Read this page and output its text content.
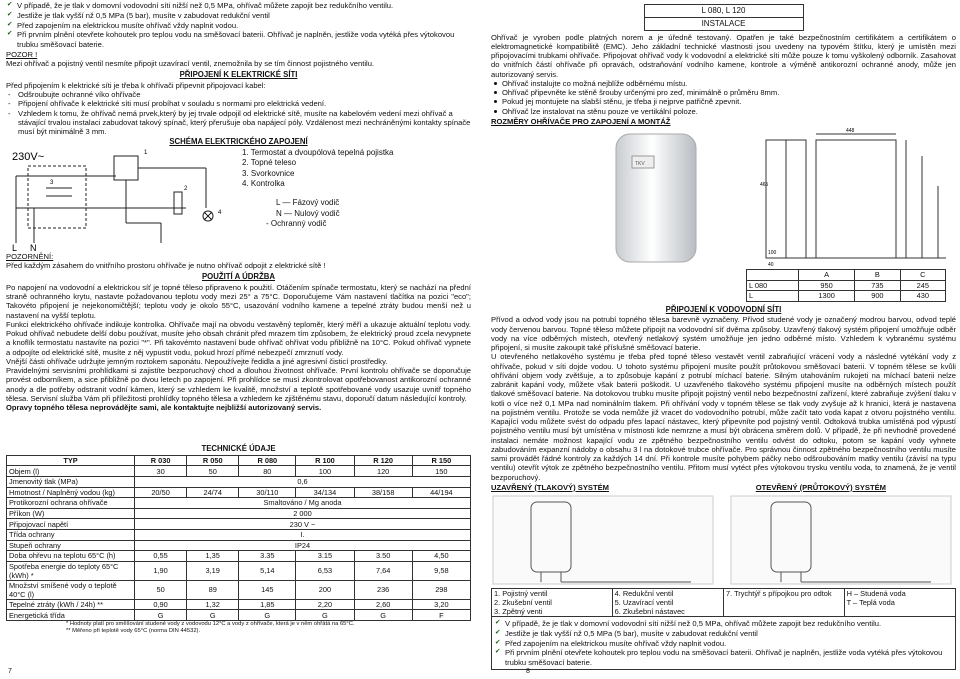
✔ V případě, že je tlak v domovní vodovodní síti nižší než 0,5 MPa, ohřívač můžete zapojit bez redukčního ventilu.
✔ Jestliže je tlak vyšší nž 0,5 MPa (5 bar), musíte v zabudovat redukční ventil
✔ Před zapojením na elektrickou musíte ohřívač vždy naplnit vodou.
✔ Při prvním plnění otevřete kohoutek pro teplou vodu na směšovací baterii. Ohřívač je naplněn, jestliže voda vytéká přes výtokovou trubku směšovací baterie.
POZOR !

Mezi ohřívač a pojistný ventil nesmíte připojit uzavírací ventil, znemožnila by se tím činnost pojistného ventilu.

PŘIPOJENÍ K ELEKTRICKÉ SÍTI

Před připojením k elektrické síti je třeba k ohřívači připevnit připojovací kabel:

- Odšroubujte ochranné víko ohřívače
- Připojení ohřívače k elektrické síti musí probíhat v souladu s normami pro elektrická vedení.
- Vzhledem k tomu, že ohřívač nemá prvek,který by jej trvale odpojil od elektrické sítě, musíte na kabelovém vedení mezi ohřívač a stávající trvalou instalaci zabudovat takový spínač, který přerušuje oba napájecí póly. Vzdálenost mezi nechráněnými kontakty spínače musí být minimálně 3 mm.
SCHÉMA ELEKTRICKÉHO ZAPOJENÍ
230V~
L N
1
2
3
4
1. Termostat a dvoupólová tepelná pojistka
2. Topné teleso
3. Svorkovnice
4. Kontrolka
L — Fázový vodič
N — Nulový vodič
- Ochranný vodič
POZORNĚNÍ:

Před každým zásahem do vnitřního prostoru ohřívače je nutno ohřívač odpojit z elektrické sítě !

POUŽITÍ A ÚDRŽBA

Po napojení na vodovodní a elektrickou síť je topné těleso připraveno k použití. Otáčením spínače termostatu, který se nachází na přední straně ochranného krytu, nastavte požadovanou teplotu vody mezi 25° a 75°C. Doporučujeme Vám nastavení tlačítka na pozici "eco"; Takovéto připojení je nejekonomičtější; teplotu vody je okolo 55°C, usazování vodního kamene a tepelné ztráty budou menší než u nastavení na vyšší teplotu.

Funkci elektrického ohřívače indikuje kontrolka. Ohřívače mají na obvodu vestavěný teploměr, který měří a ukazuje aktuální teplotu vody. Pokud ohřívač nebudete delší dobu používat, musíte jeho obsah chránit před mrazem tím způsobem, že elektrický proud zcela nevypnete a knoflík termostatu nastavíte na pozici "*". Při takovémto nastavení bude ohřívač ohřívat vodu přibližně na 10°C. Pokud ohřívač vypnete a odpojíte od elektrické sítě, musíte z něj vypustit vodu, pokud hrozí přímé nebezpečí zmrznutí vody.

Vnější části ohřívače udržujte jemným roztokem saponátu. Nepoužívejte ředidla a jiné agresivní čisticí prostředky.

Pravidelnými servisními prohlídkami si zajistíte bezporuchový chod a dlouhou životnost ohřívače. První kontrolu ohřívače se doporučuje provést odborníkem, a sice přibližně po dvou letech po zapojení. Při prohlídce se musí zkontrolovat opotřebovanost antikorozní ochranné anody a dle potřeby odstranit vodní kámen, který se vzhledem ke kvalitě, množství a teplotě spotřebované vody usazuje uvnitř topného tělesa. Servisní služba Vám při příležitosti prohlídky topného tělesa a vzhledem ke zjištěnému stavu, doporučí datum následující kontroly.

Opravy topného tělesa neprovádějte sami, ale kontaktujte nejbližší autorizovaný servis.

TECHNICKÉ ÚDAJE
TYP	R 030	R 050	R 080	R 100	R 120	R 150
Objem (l)	30	50	80	100	120	150
Jmenovitý tlak (MPa)	0,6					
Hmotnost / Naplněný vodou (kg)	20/50	24/74	30/110	34/134	38/158	44/194
Protikorozní ochrana ohřívače	Smaltováno / Mg anoda					
Příkon (W)	2 000					
Připojovací napětí	230 V ~					
Třída ochrany	I.					
Stupeň ochrany	IP24					
Doba ohřevu na teplotu 65°C (h)	0,55	1,35	3.35	3.15	3.50	4,50
Spotřeba energie do teploty 65°C (kWh) *	1,90	3,19	5,14	6,53	7,64	9,58
Množství smíšené vody o teplotě 40°C (l)	50	89	145	200	236	298
Tepelné ztráty (kWh / 24h) **	0,90	1,32	1,85	2,20	2,60	3,20
Energetická třída	G	G	G	G	G	F
* Hodnoty platí pro směšování studené vody z vodovodu 12°C a vody z ohřívače, která je v něm ohřátá na 65°C.
** Měřeno při teplotě vody 65°C (norma DIN 44532).
7
L 080, L 120
INSTALACE

Ohřívač je vyroben podle platných norem a je úředně testovaný. Opatřen je také bezpečnostním certifikátem a certifikátem o elektromagnetické kompatibilitě (EMC). Jeho základní technické vlastnosti jsou uvedeny na typovém štítku, který je umístěn mezi připojovacími trubkami ohřívače. Připojovat ohřívač vody k vodovodní a elektrické síti může pouze k tomu vyškolený odborník. Zasahovat do vnitřních částí ohřívače při opravách, odstraňování vodního kamene, kontrole a výměně antikorozní ochranné anody, může jen autorizovaný servis.

Ohřívač instalujte co možná nejblíže odběrnému místu.
Ohřívač připevněte ke stěně šrouby určenými pro zeď, minimálně o průměru 8mm.
Pokud jej montujete na slabší stěnu, je třeba ji nejprve patřičně zpevnit.
Ohřívač lze instalovat na stěnu pouze ve vertikální poloze.
ROZMĚRY OHŘÍVAČE PRO ZAPOJENÍ A MONTÁŽ
TKV
448
465
100
40
	A	B	C
L 080	950	735	245
L	1300	900	430
PŘIPOJENÍ K VODOVODNÍ SÍTI

Přívod a odvod vody jsou na potrubí topného tělesa barevně vyznačeny. Přívod studené vody je označený modrou barvou, odvod teplé vody červenou barvou. Topné těleso můžete připojit na vodovodní síť dvěma způsoby. Uzavřený tlakový systém připojení umožňuje odběr vody na více odběrných místech, otevřený netlakový systém umožňuje jen jedno odběrné místo. Vzhledem k vybranému systému připojení, si musíte zakoupit také příslušné směšovací baterie.

U otevřeného netlakového systému je třeba před topné těleso vestavět ventil zabraňující vrácení vody a následné vytékání vody z ohřívače, pokud v síti dojde vodou. U tohoto systému připojení musíte použít průtokovou směšovací baterii. V topném tělese se kvůli ohřívání objem vody zvětšuje, a to způsobuje kapání z potrubí míchací baterie. Silným utahováním rukojeti na míchací baterii nelze zabránit kapání vody, můžete však baterii poškodit. U uzavřeného tlakového systému připojení musíte na odběrných místech použít tlakové směšovací baterie. Na dotokovou trubku musíte připojit pojistný ventil nebo bezpečnostní zařízení, které zabraňuje zvýšení tlaku v kotli o více než 0,1 MPa nad nominálním tlakem. Při ohřívání vody v topném tělese se tlak vody zvyšuje až k hranici, která je nastavena na pojistném ventilu. Protože se voda nemůže již vracet do vodovodního potrubí, může začít tato voda kapat z otvoru pojistného ventilu. Kapající vodu můžete svést do odpadu přes lapací nástavec, který připevníte pod pojistný ventil. Odtoková trubka umístěná pod výpustí pojistného ventilu musí být umístěna v místnosti kde nemrzne a musí být obrácena směrem dolů. V případě, že při nevhodně provedené instalaci nemáte možnost kapající vodu ze zpětného bezpečnostního ventilu odvést do odtoku, potom se kapání vody vyhnete zabudováním expanzní nádoby o obsahu 3 l na dotokové trubce ohřívače. Pro správnou činnost zpětného bezpečnostního ventilu musíte sami provádět řádné kontroly za každých 14 dní. Při kontrole musíte pohybem páčky nebo odšroubováním matky ventilu (závisí na typu ventilu) otevřít výtok ze zpětného bezpečnostního ventilu. Přitom musí vytéct přes výtokovou trysku ventilu voda, to znamená, že je ventil bezporuchový.

UZAVŘENÝ (TLAKOVÝ) SYSTÉM	OTEVŘENÝ (PRŮTOKOVÝ) SYSTÉM
1. Pojistný ventil
2. Zkušební ventil
3. Zpětný venti

4. Redukční ventil
5. Uzavírací ventil
6. Zkušební nástavec

7. Trychtýř s přípojkou pro odtok	H – Studená voda
T – Teplá voda
✔ V případě, že je tlak v domovní vodovodní síti nižší než 0,5 MPa, ohřívač můžete zapojit bez redukčního ventilu.
✔ Jestliže je tlak vyšší nž 0,5 MPa (5 bar), musíte v zabudovat redukční ventil
✔ Před zapojením na elektrickou musíte ohřívač vždy naplnit vodou.
✔ Při prvním plnění otevřete kohoutek pro teplou vodu na směšovací baterii. Ohřívač je naplněn, jestliže voda vytéká přes výtokovou trubku směšovací baterie.
8
